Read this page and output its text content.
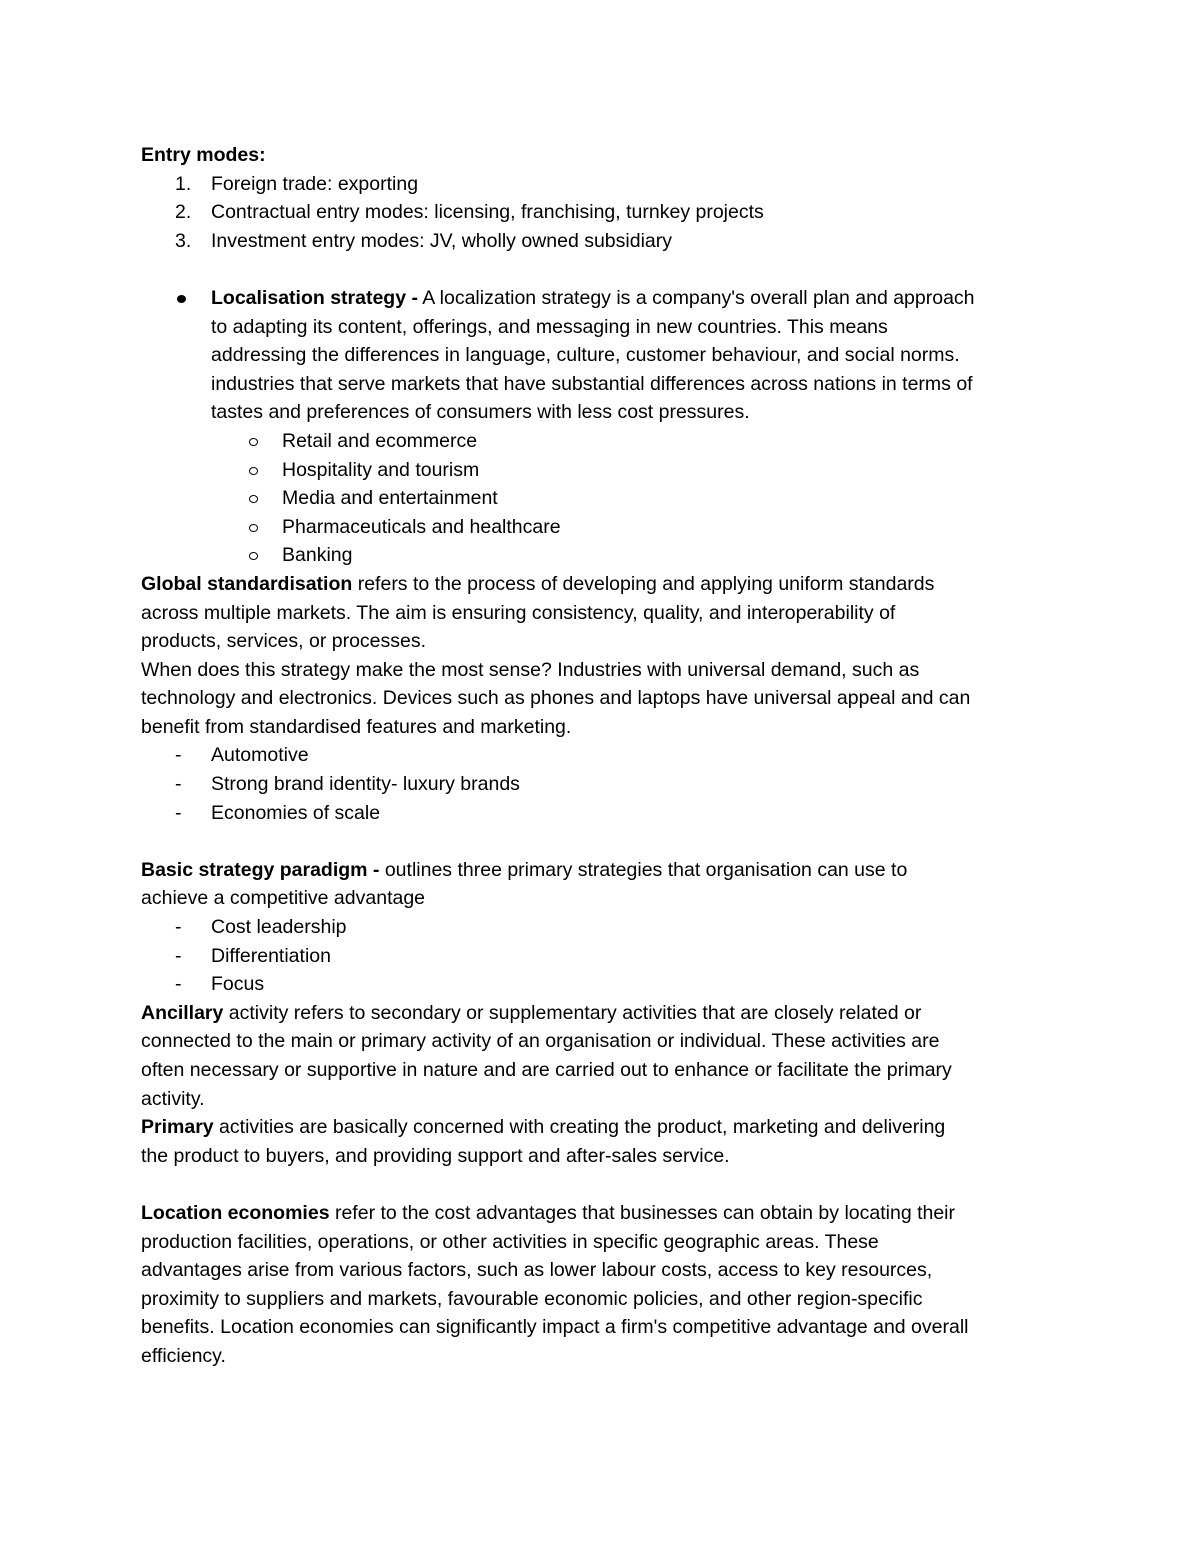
Entry modes:
1. Foreign trade: exporting
2. Contractual entry modes: licensing, franchising, turnkey projects
3. Investment entry modes: JV, wholly owned subsidiary
Localisation strategy - A localization strategy is a company's overall plan and approach
to adapting its content, offerings, and messaging in new countries. This means
addressing the differences in language, culture, customer behaviour, and social norms.
industries that serve markets that have substantial differences across nations in terms of
tastes and preferences of consumers with less cost pressures.
Retail and ecommerce
Hospitality and tourism
Media and entertainment
Pharmaceuticals and healthcare
Banking
Global standardisation refers to the process of developing and applying uniform standards
across multiple markets. The aim is ensuring consistency, quality, and interoperability of
products, services, or processes.
When does this strategy make the most sense? Industries with universal demand, such as
technology and electronics. Devices such as phones and laptops have universal appeal and can
benefit from standardised features and marketing.
- Automotive
- Strong brand identity- luxury brands
- Economies of scale
Basic strategy paradigm - outlines three primary strategies that organisation can use to
achieve a competitive advantage
- Cost leadership
- Differentiation
- Focus
Ancillary activity refers to secondary or supplementary activities that are closely related or
connected to the main or primary activity of an organisation or individual. These activities are
often necessary or supportive in nature and are carried out to enhance or facilitate the primary
activity.
Primary activities are basically concerned with creating the product, marketing and delivering
the product to buyers, and providing support and after-sales service.
Location economies refer to the cost advantages that businesses can obtain by locating their
production facilities, operations, or other activities in specific geographic areas. These
advantages arise from various factors, such as lower labour costs, access to key resources,
proximity to suppliers and markets, favourable economic policies, and other region-specific
benefits. Location economies can significantly impact a firm's competitive advantage and overall
efficiency.
